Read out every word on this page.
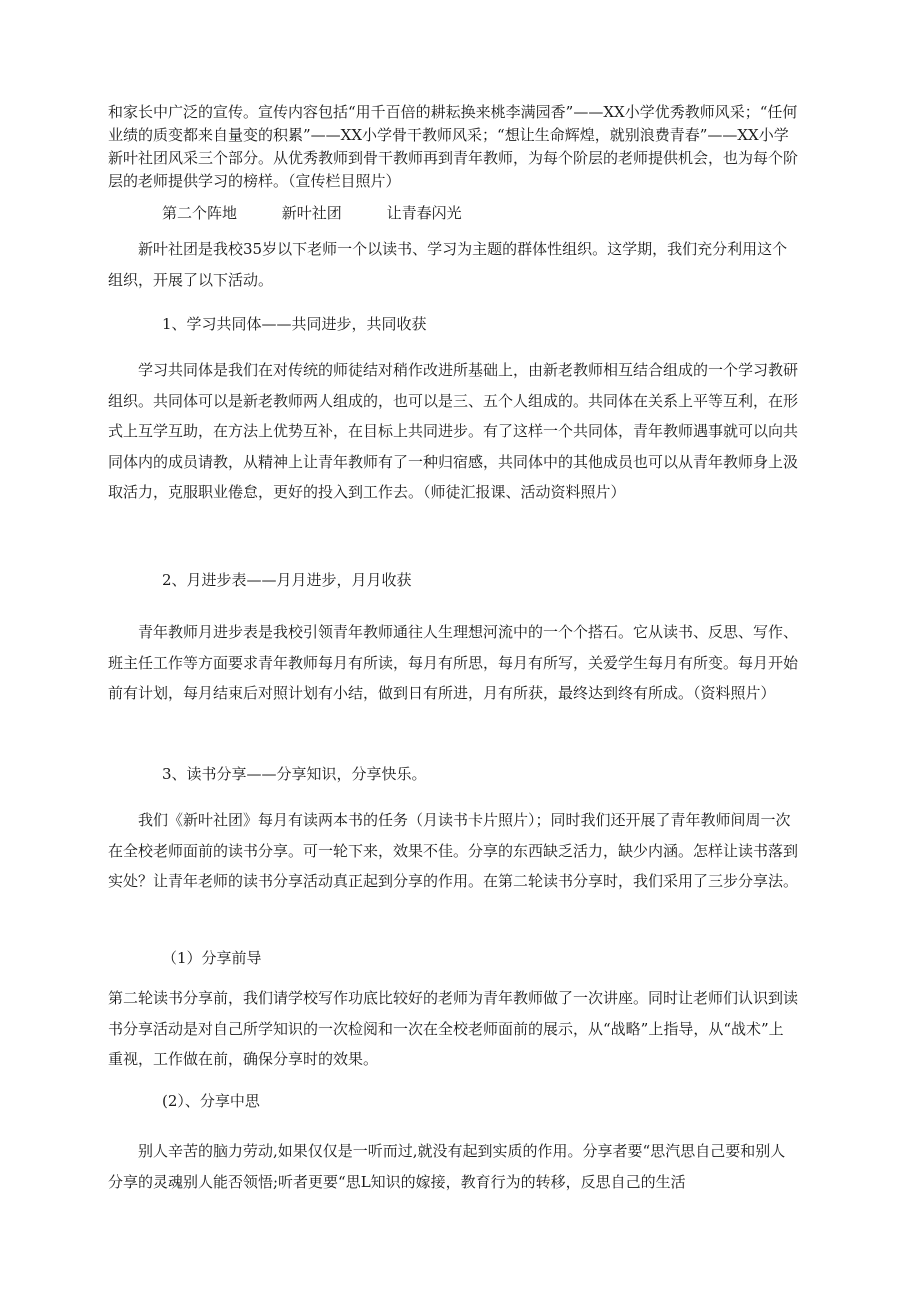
和家长中广泛的宣传。宣传内容包括“用千百倍的耕耘换来桃李满园香”——XX小学优秀教师风采；“任何业绩的质变都来自量变的积累”——XX小学骨干教师风采；“想让生命辉煌，就别浪费青春”——XX小学新叶社团风采三个部分。从优秀教师到骨干教师再到青年教师，为每个阶层的老师提供机会，也为每个阶层的老师提供学习的榜样。（宣传栏目照片）

第二个阵地	新叶社团	让青春闪光

新叶社团是我校35岁以下老师一个以读书、学习为主题的群体性组织。这学期，我们充分利用这个组织，开展了以下活动。

1、学习共同体——共同进步，共同收获

学习共同体是我们在对传统的师徒结对稍作改进所基础上，由新老教师相互结合组成的一个学习教研组织。共同体可以是新老教师两人组成的，也可以是三、五个人组成的。共同体在关系上平等互利，在形式上互学互助，在方法上优势互补，在目标上共同进步。有了这样一个共同体，青年教师遇事就可以向共同体内的成员请教，从精神上让青年教师有了一种归宿感，共同体中的其他成员也可以从青年教师身上汲取活力，克服职业倦怠，更好的投入到工作去。（师徒汇报课、活动资料照片）

2、月进步表——月月进步，月月收获

青年教师月进步表是我校引领青年教师通往人生理想河流中的一个个搭石。它从读书、反思、写作、班主任工作等方面要求青年教师每月有所读，每月有所思，每月有所写，关爱学生每月有所变。每月开始前有计划，每月结束后对照计划有小结，做到日有所进，月有所获，最终达到终有所成。（资料照片）

3、读书分享——分享知识，分享快乐。

我们《新叶社团》每月有读两本书的任务（月读书卡片照片）；同时我们还开展了青年教师间周一次在全校老师面前的读书分享。可一轮下来，效果不佳。分享的东西缺乏活力，缺少内涵。怎样让读书落到实处？让青年老师的读书分享活动真正起到分享的作用。在第二轮读书分享时，我们采用了三步分享法。

（1）分享前导

第二轮读书分享前，我们请学校写作功底比较好的老师为青年教师做了一次讲座。同时让老师们认识到读书分享活动是对自己所学知识的一次检阅和一次在全校老师面前的展示，从“战略”上指导，从“战术”上重视，工作做在前，确保分享时的效果。

(2）、分享中思

别人辛苦的脑力劳动,如果仅仅是一听而过,就没有起到实质的作用。分享者要“思汽思自己要和别人分享的灵魂别人能否领悟;听者更要“思L知识的嫁接，教育行为的转移，反思自己的生活
